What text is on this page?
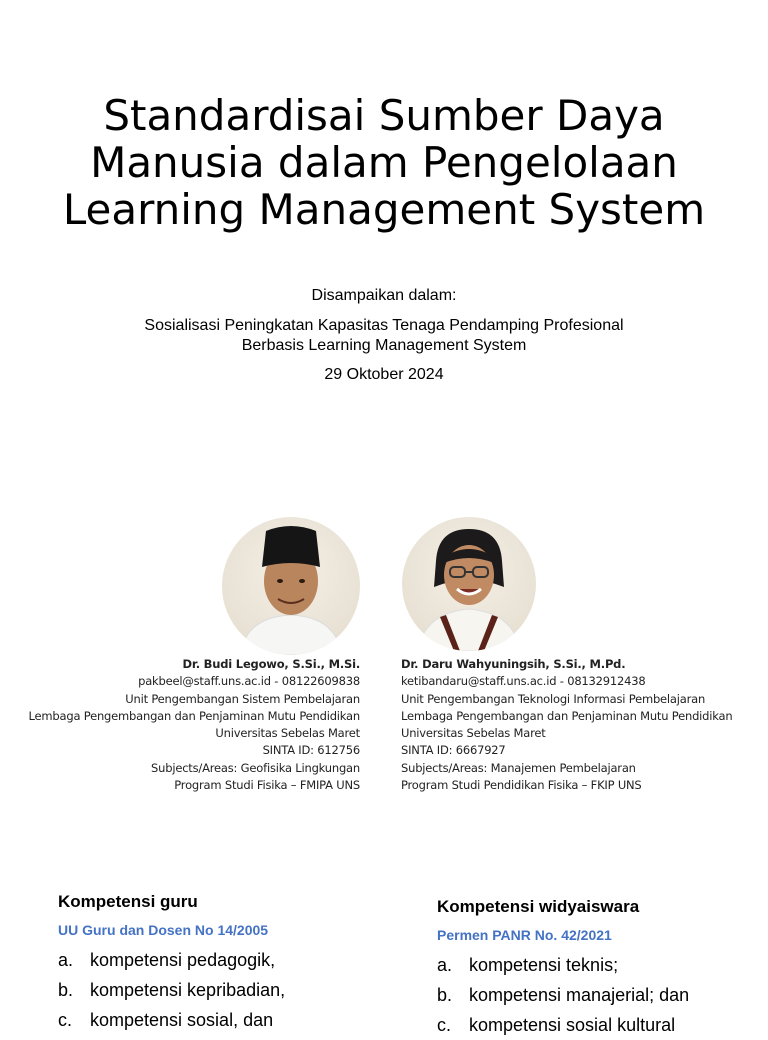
Standardisai Sumber Daya
Manusia dalam Pengelolaan
Learning Management System
Disampaikan dalam:
Sosialisasi Peningkatan Kapasitas Tenaga Pendamping Profesional
Berbasis Learning Management System
29 Oktober 2024
Dr. Budi Legowo, S.Si., M.Si.
pakbeel@staff.uns.ac.id - 08122609838
Unit Pengembangan Sistem Pembelajaran
Lembaga Pengembangan dan Penjaminan Mutu Pendidikan
Universitas Sebelas Maret
SINTA ID: 612756
Subjects/Areas: Geofisika Lingkungan
Program Studi Fisika – FMIPA UNS
Dr. Daru Wahyuningsih, S.Si., M.Pd.
ketibandaru@staff.uns.ac.id - 08132912438
Unit Pengembangan Teknologi Informasi Pembelajaran
Lembaga Pengembangan dan Penjaminan Mutu Pendidikan
Universitas Sebelas Maret
SINTA ID: 6667927
Subjects/Areas: Manajemen Pembelajaran
Program Studi Pendidikan Fisika – FKIP UNS
Kompetensi guru
UU Guru dan Dosen No 14/2005
a. kompetensi pedagogik,
b. kompetensi kepribadian,
c. kompetensi sosial, dan
Kompetensi widyaiswara
Permen PANR No. 42/2021
a. kompetensi teknis;
b. kompetensi manajerial; dan
c. kompetensi sosial kultural
